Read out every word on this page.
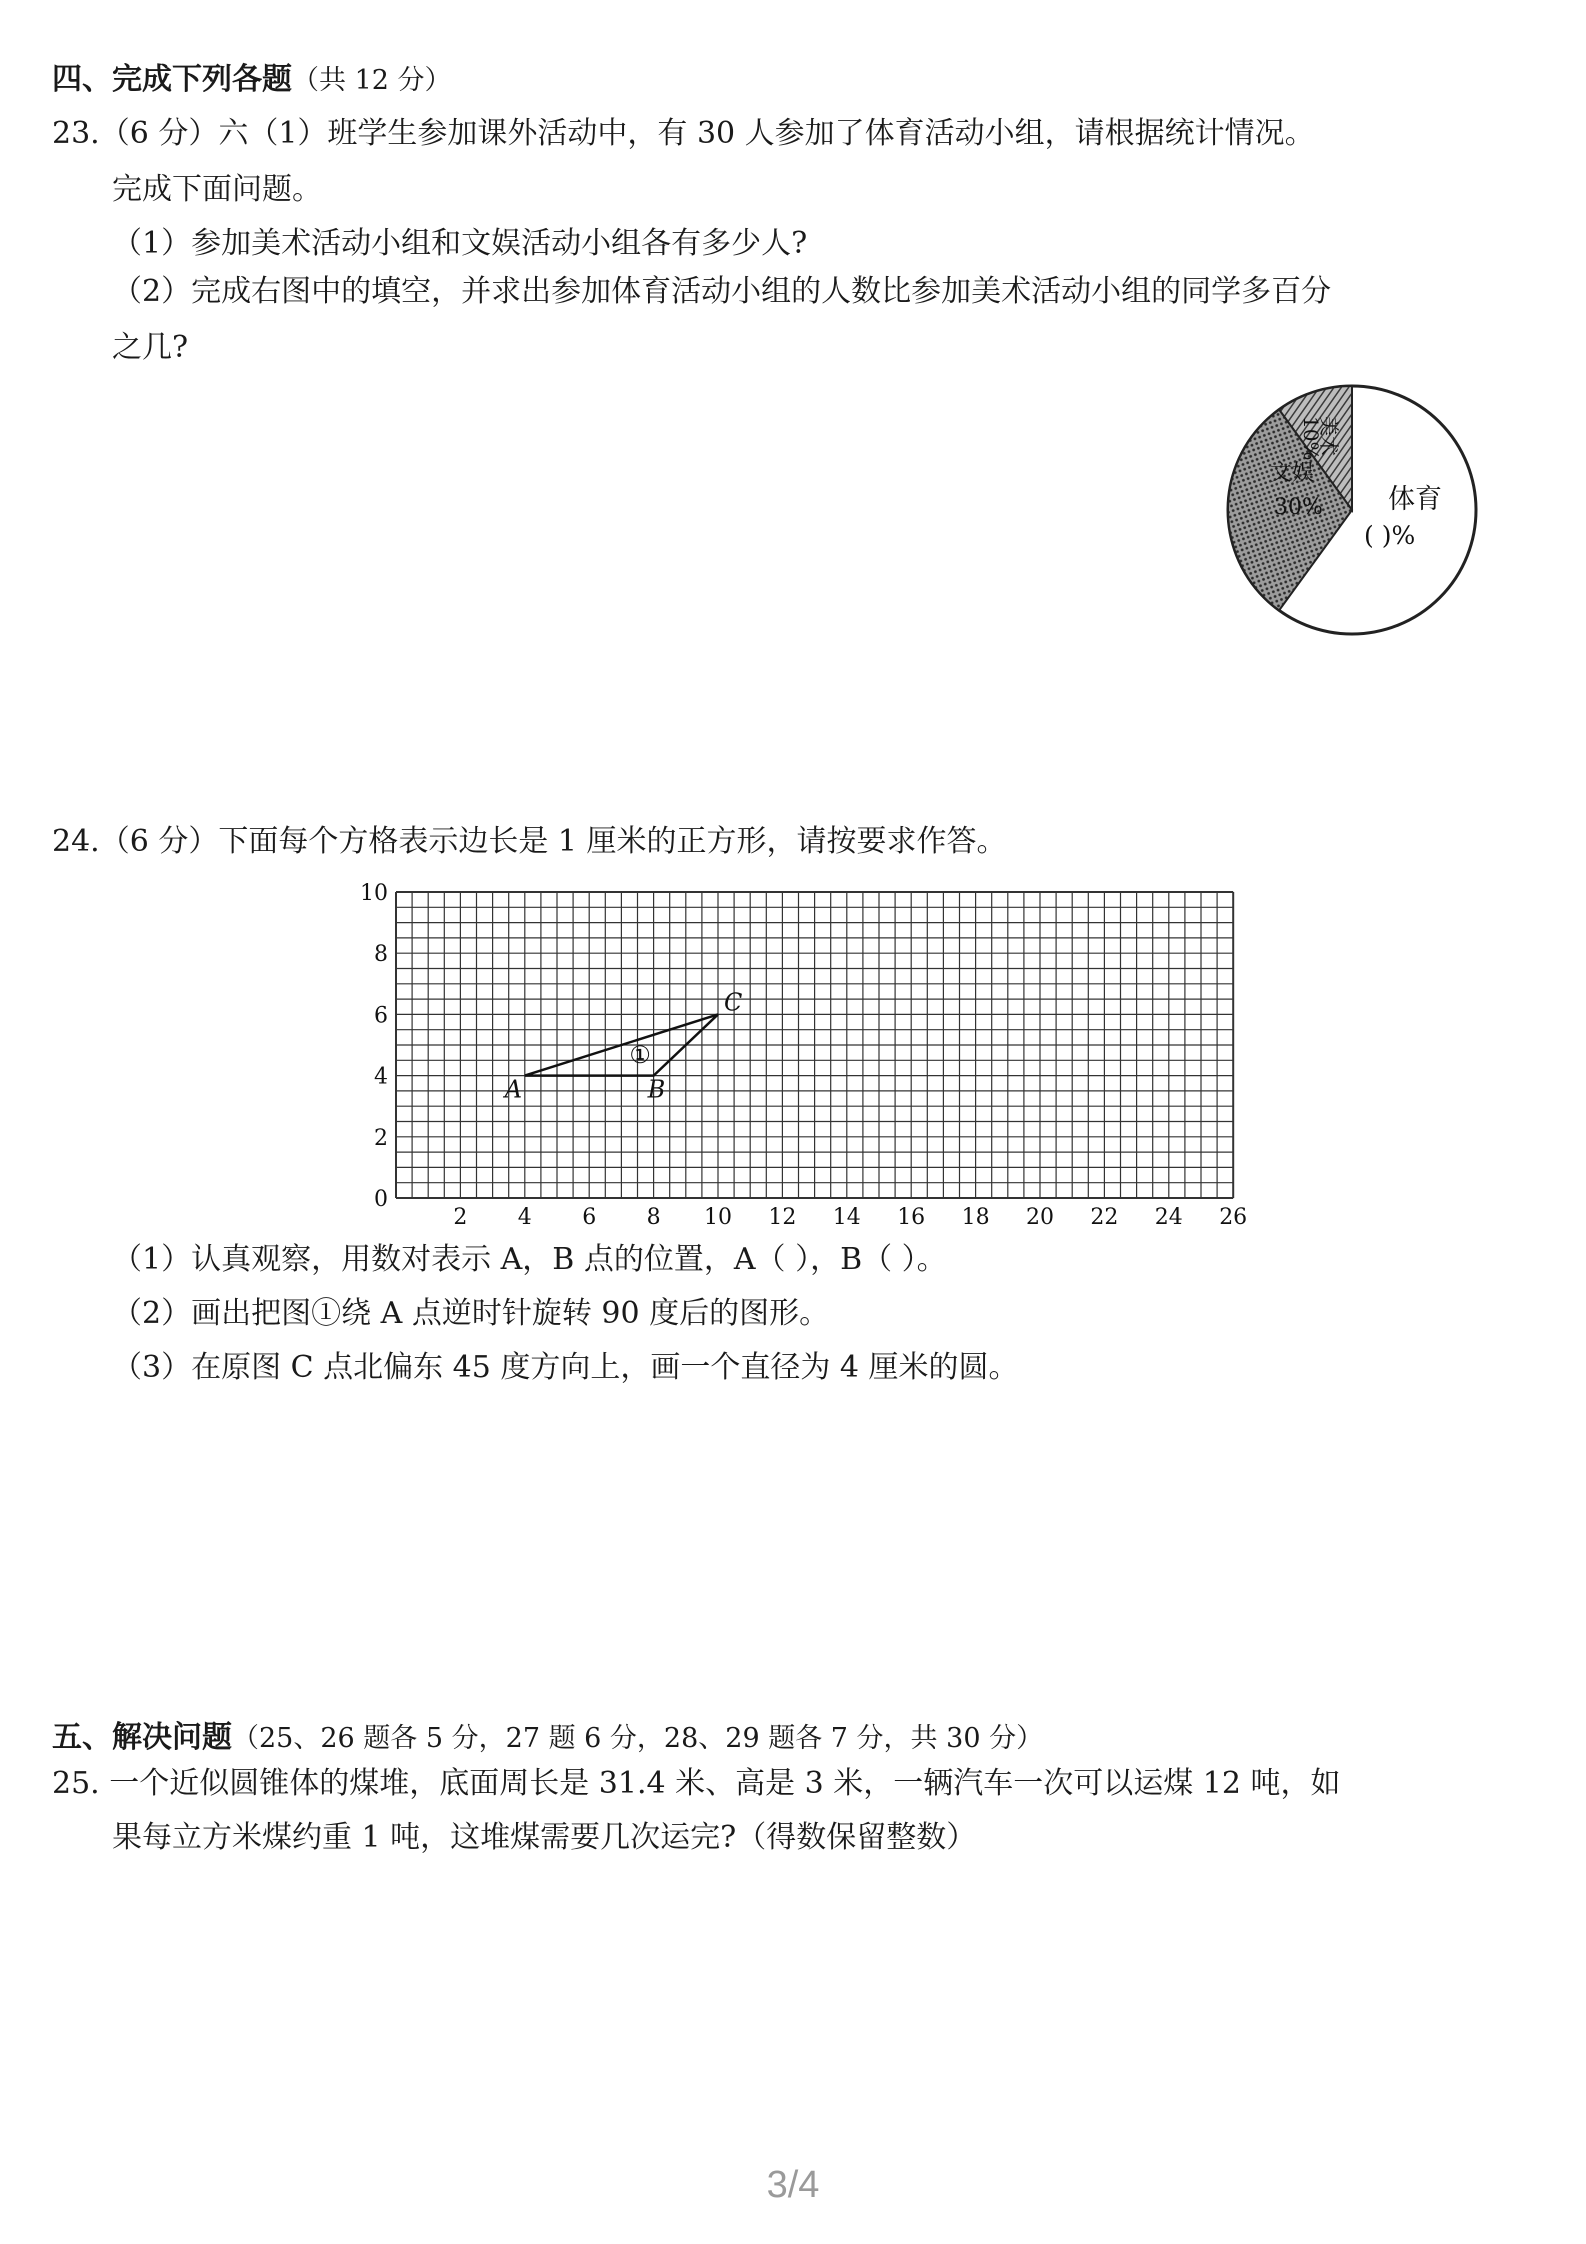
四、完成下列各题（共 12 分）
23.（6 分）六（1）班学生参加课外活动中，有 30 人参加了体育活动小组，请根据统计情况。
完成下面问题。
（1）参加美术活动小组和文娱活动小组各有多少人?
（2）完成右图中的填空，并求出参加体育活动小组的人数比参加美术活动小组的同学多百分
之几?
美术
10%
文娱
30% 体育
( )%
24.（6 分）下面每个方格表示边长是 1 厘米的正方形，请按要求作答。
10
8
6
4
2
0
2 4 6 8 10 12 14 16 18 20 22 24 26
A	B
C
①
（1）认真观察，用数对表示 A，B 点的位置，A（ ），B（ ）。
（2）画出把图①绕 A 点逆时针旋转 90 度后的图形。
（3）在原图 C 点北偏东 45 度方向上，画一个直径为 4 厘米的圆。
五、解决问题（25、26 题各 5 分，27 题 6 分，28、29 题各 7 分，共 30 分）
25. 一个近似圆锥体的煤堆，底面周长是 31.4 米、高是 3 米，一辆汽车一次可以运煤 12 吨，如
果每立方米煤约重 1 吨，这堆煤需要几次运完?（得数保留整数）
3/4
